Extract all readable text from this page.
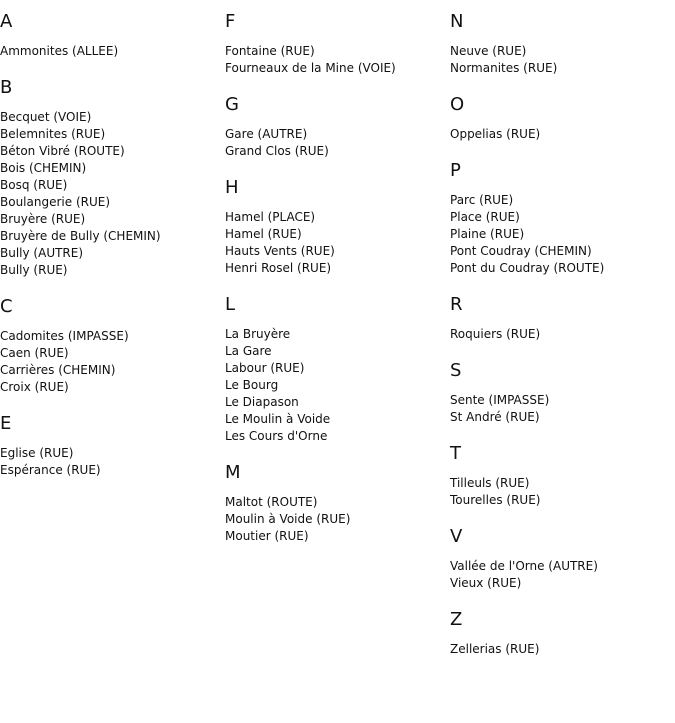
A
Ammonites (ALLEE)
B
Becquet (VOIE)
Belemnites (RUE)
Béton Vibré (ROUTE)
Bois (CHEMIN)
Bosq (RUE)
Boulangerie (RUE)
Bruyère (RUE)
Bruyère de Bully (CHEMIN)
Bully (AUTRE)
Bully (RUE)
C
Cadomites (IMPASSE)
Caen (RUE)
Carrières (CHEMIN)
Croix (RUE)
E
Eglise (RUE)
Espérance (RUE)
F
Fontaine (RUE)
Fourneaux de la Mine (VOIE)
G
Gare (AUTRE)
Grand Clos (RUE)
H
Hamel (PLACE)
Hamel (RUE)
Hauts Vents (RUE)
Henri Rosel (RUE)
L
La Bruyère
La Gare
Labour (RUE)
Le Bourg
Le Diapason
Le Moulin à Voide
Les Cours d'Orne
M
Maltot (ROUTE)
Moulin à Voide (RUE)
Moutier (RUE)
N
Neuve (RUE)
Normanites (RUE)
O
Oppelias (RUE)
P
Parc (RUE)
Place (RUE)
Plaine (RUE)
Pont Coudray (CHEMIN)
Pont du Coudray (ROUTE)
R
Roquiers (RUE)
S
Sente (IMPASSE)
St André (RUE)
T
Tilleuls (RUE)
Tourelles (RUE)
V
Vallée de l'Orne (AUTRE)
Vieux (RUE)
Z
Zellerias (RUE)
